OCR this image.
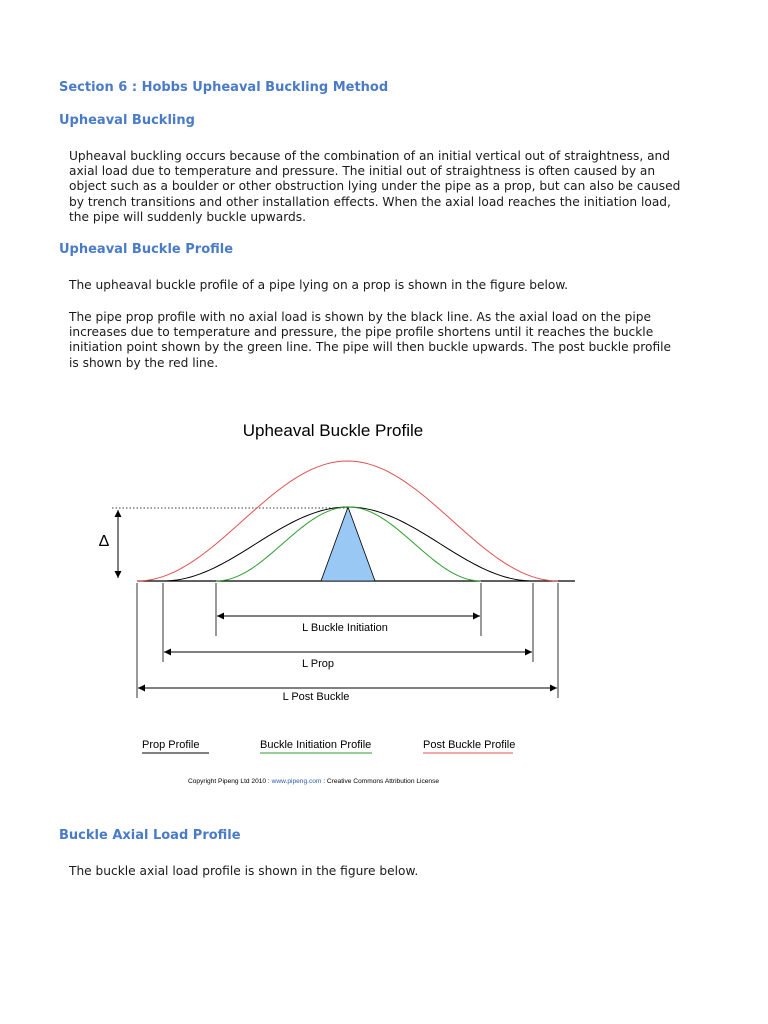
Section 6 : Hobbs Upheaval Buckling Method
Upheaval Buckling

Upheaval buckling occurs because of the combination of an initial vertical out of straightness, and
axial load due to temperature and pressure. The initial out of straightness is often caused by an
object such as a boulder or other obstruction lying under the pipe as a prop, but can also be caused
by trench transitions and other installation effects. When the axial load reaches the initiation load,
the pipe will suddenly buckle upwards.

Upheaval Buckle Profile

The upheaval buckle profile of a pipe lying on a prop is shown in the figure below.

The pipe prop profile with no axial load is shown by the black line. As the axial load on the pipe
increases due to temperature and pressure, the pipe profile shortens until it reaches the buckle
initiation point shown by the green line. The pipe will then buckle upwards. The post buckle profile
is shown by the red line.

Upheaval Buckle Profile
Δ
L Buckle Initiation
L Prop
L Post Buckle
Prop Profile	Buckle Initiation Profile	Post Buckle Profile
Copyright Pipeng Ltd 2010 : www.pipeng.com : Creative Commons Attribution License
Buckle Axial Load Profile

The buckle axial load profile is shown in the figure below.
